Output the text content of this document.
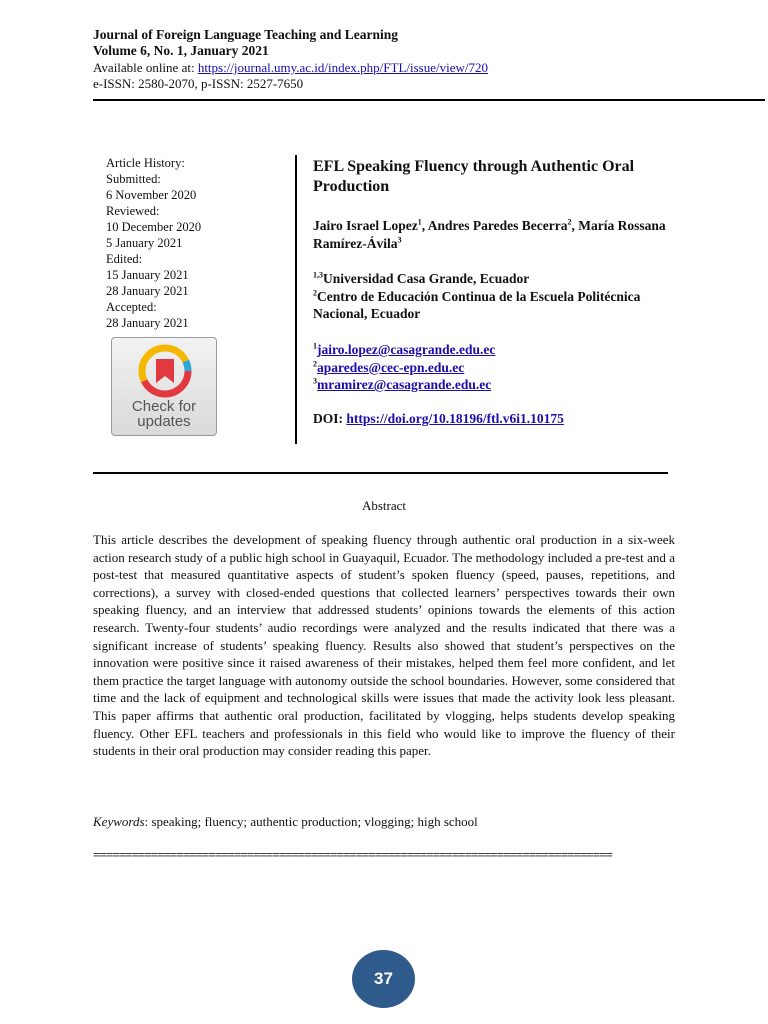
Journal of Foreign Language Teaching and Learning
Volume 6, No. 1, January 2021
Available online at: https://journal.umy.ac.id/index.php/FTL/issue/view/720
e-ISSN: 2580-2070, p-ISSN: 2527-7650
Article History:
Submitted:
6 November 2020
Reviewed:
10 December 2020
5 January 2021
Edited:
15 January 2021
28 January 2021
Accepted:
28 January 2021
Check for
updates
EFL Speaking Fluency through Authentic Oral Production
Jairo Israel Lopez$^1$, Andres Paredes Becerra$^2$, María Rossana Ramírez-Ávila$^3$
$^{1,3}$Universidad Casa Grande, Ecuador
$^2$Centro de Educación Continua de la Escuela Politécnica Nacional, Ecuador
$^1$jairo.lopez@casagrande.edu.ec
$^2$aparedes@cec-epn.edu.ec
$^3$mramirez@casagrande.edu.ec
DOI: https://doi.org/10.18196/ftl.v6i1.10175
Abstract
This article describes the development of speaking fluency through authentic oral production in a six-week action research study of a public high school in Guayaquil, Ecuador. The methodology included a pre-test and a post-test that measured quantitative aspects of student’s spoken fluency (speed, pauses, repetitions, and corrections), a survey with closed-ended questions that collected learners’ perspectives towards their own speaking fluency, and an interview that addressed students’ opinions towards the elements of this action research. Twenty-four students’ audio recordings were analyzed and the results indicated that there was a significant increase of students’ speaking fluency. Results also showed that student’s perspectives on the innovation were positive since it raised awareness of their mistakes, helped them feel more confident, and let them practice the target language with autonomy outside the school boundaries. However, some considered that time and the lack of equipment and technological skills were issues that made the activity look less pleasant. This paper affirms that authentic oral production, facilitated by vlogging, helps students develop speaking fluency. Other EFL teachers and professionals in this field who would like to improve the fluency of their students in their oral production may consider reading this paper.
Keywords: speaking; fluency; authentic production; vlogging; high school
=================================================================================
37
